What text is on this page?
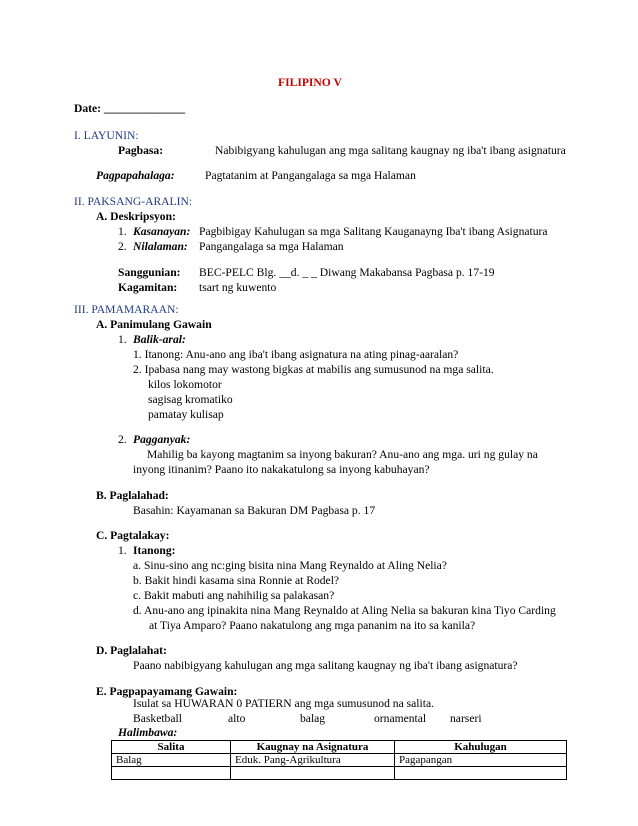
FILIPINO V
Date: ______________
I. LAYUNIN:
Pagbasa:	Nabibigyang kahulugan ang mga salitang kaugnay ng iba't ibang asignatura
Pagpapahalaga:	Pagtatanim at Pangangalaga sa mga Halaman
II. PAKSANG-ARALIN:
A. Deskripsyon:
1. Kasanayan: Pagbibigay Kahulugan sa mga Salitang Kauganayng Iba't ibang Asignatura
2. Nilalaman: Pangangalaga sa mga Halaman
Sanggunian: BEC-PELC Blg. __d. _ _ Diwang Makabansa Pagbasa p. 17-19
Kagamitan: tsart ng kuwento
III. PAMAMARAAN:
A. Panimulang Gawain
1. Balik-aral:
1. Itanong: Anu-ano ang iba't ibang asignatura na ating pinag-aaralan?
2. Ipabasa nang may wastong bigkas at mabilis ang sumusunod na mga salita.
kilos lokomotor
sagisag kromatiko
pamatay kulisap
2. Pagganyak:
Mahilig ba kayong magtanim sa inyong bakuran? Anu-ano ang mga. uri ng gulay na
inyong itinanim? Paano ito nakakatulong sa inyong kabuhayan?
B. Paglalahad:
Basahin: Kayamanan sa Bakuran DM Pagbasa p. 17
C. Pagtalakay:
1. Itanong:
a. Sinu-sino ang nc:ging bisita nina Mang Reynaldo at Aling Nelia?
b. Bakit hindi kasama sina Ronnie at Rodel?
c. Bakit mabuti ang nahihilig sa palakasan?
d. Anu-ano ang ipinakita nina Mang Reynaldo at Aling Nelia sa bakuran kina Tiyo Carding
at Tiya Amparo? Paano nakatulong ang mga pananim na ito sa kanila?
D. Paglalahat:
Paano nabibigyang kahulugan ang mga salitang kaugnay ng iba't ibang asignatura?
E. Pagpapayamang Gawain:
Isulat sa HUWARAN 0 PATIERN ang mga sumusunod na salita.
Basketball	alto	balag	ornamental narseri
Halimbawa:
Salita	Kaugnay na Asignatura	Kahulugan
Balag	Eduk. Pang-Agrikultura	Pagapangan
